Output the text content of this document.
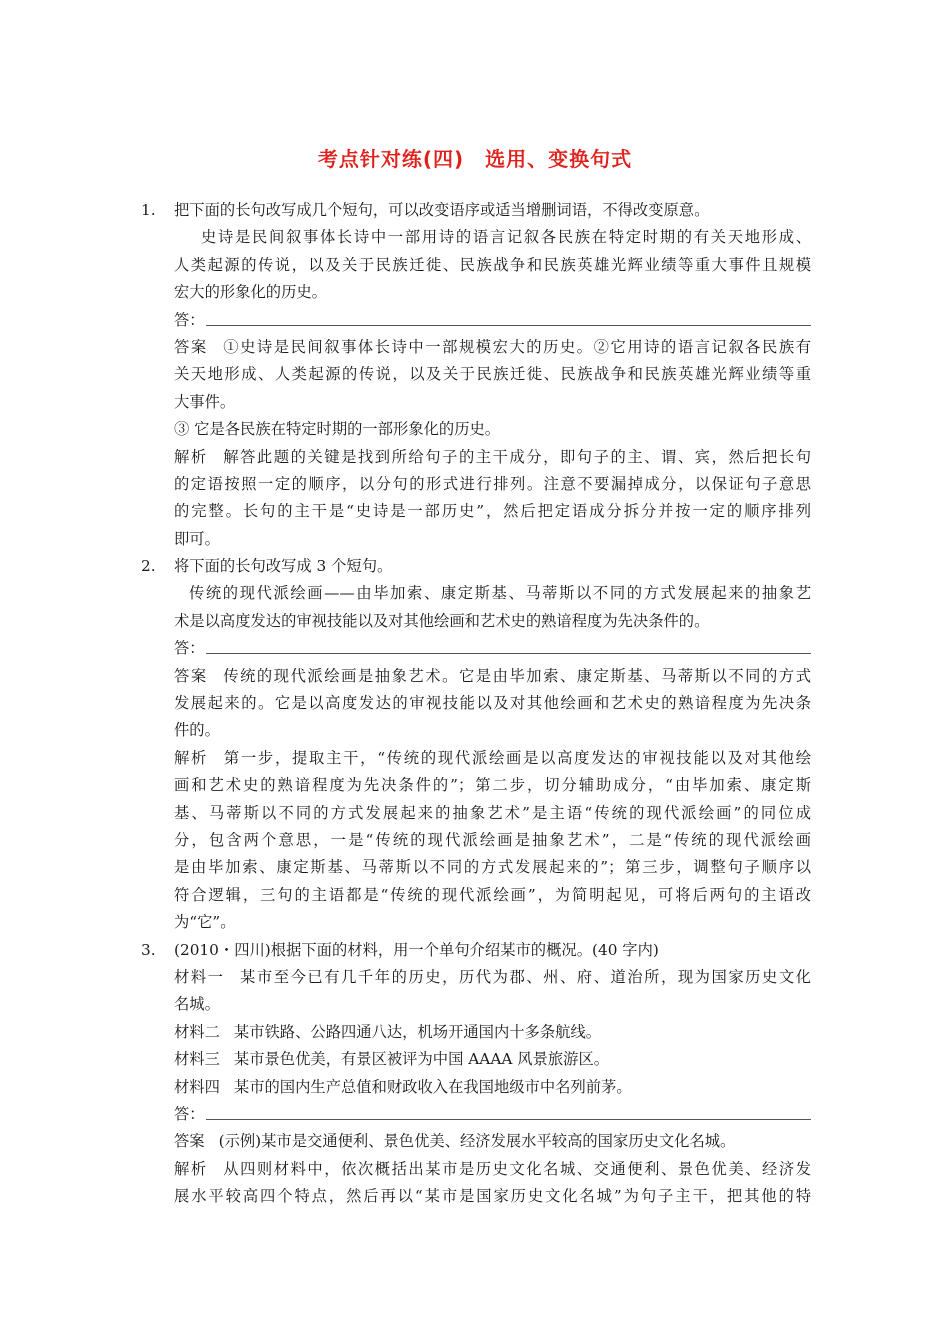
考点针对练(四)　选用、变换句式
1.	把下面的长句改写成几个短句，可以改变语序或适当增删词语，不得改变原意。
史诗是民间叙事体长诗中一部用诗的语言记叙各民族在特定时期的有关天地形成、
人类起源的传说，以及关于民族迁徙、民族战争和民族英雄光辉业绩等重大事件且规模
宏大的形象化的历史。
答：
答案 ①史诗是民间叙事体长诗中一部规模宏大的历史。②它用诗的语言记叙各民族有
关天地形成、人类起源的传说，以及关于民族迁徙、民族战争和民族英雄光辉业绩等重
大事件。
③ 它是各民族在特定时期的一部形象化的历史。
解析 解答此题的关键是找到所给句子的主干成分，即句子的主、谓、宾，然后把长句
的定语按照一定的顺序，以分句的形式进行排列。注意不要漏掉成分，以保证句子意思
的完整。长句的主干是“史诗是一部历史”，然后把定语成分拆分并按一定的顺序排列
即可。
2.	将下面的长句改写成 3 个短句。
传统的现代派绘画——由毕加索、康定斯基、马蒂斯以不同的方式发展起来的抽象艺
术是以高度发达的审视技能以及对其他绘画和艺术史的熟谙程度为先决条件的。
答：
答案 传统的现代派绘画是抽象艺术。它是由毕加索、康定斯基、马蒂斯以不同的方式
发展起来的。它是以高度发达的审视技能以及对其他绘画和艺术史的熟谙程度为先决条
件的。
解析 第一步，提取主干，“传统的现代派绘画是以高度发达的审视技能以及对其他绘
画和艺术史的熟谙程度为先决条件的”；第二步，切分辅助成分，“由毕加索、康定斯
基、马蒂斯以不同的方式发展起来的抽象艺术”是主语“传统的现代派绘画”的同位成
分，包含两个意思，一是“传统的现代派绘画是抽象艺术”，二是“传统的现代派绘画
是由毕加索、康定斯基、马蒂斯以不同的方式发展起来的”；第三步，调整句子顺序以
符合逻辑，三句的主语都是“传统的现代派绘画”，为简明起见，可将后两句的主语改
为“它”。
3.	(2010・四川)根据下面的材料，用一个单句介绍某市的概况。(40 字内)
材料一 某市至今已有几千年的历史，历代为郡、州、府、道治所，现为国家历史文化
名城。
材料二 某市铁路、公路四通八达，机场开通国内十多条航线。
材料三 某市景色优美，有景区被评为中国 AAAA 风景旅游区。
材料四 某市的国内生产总值和财政收入在我国地级市中名列前茅。
答：
答案 (示例)某市是交通便利、景色优美、经济发展水平较高的国家历史文化名城。
解析 从四则材料中，依次概括出某市是历史文化名城、交通便利、景色优美、经济发
展水平较高四个特点，然后再以“某市是国家历史文化名城”为句子主干，把其他的特
